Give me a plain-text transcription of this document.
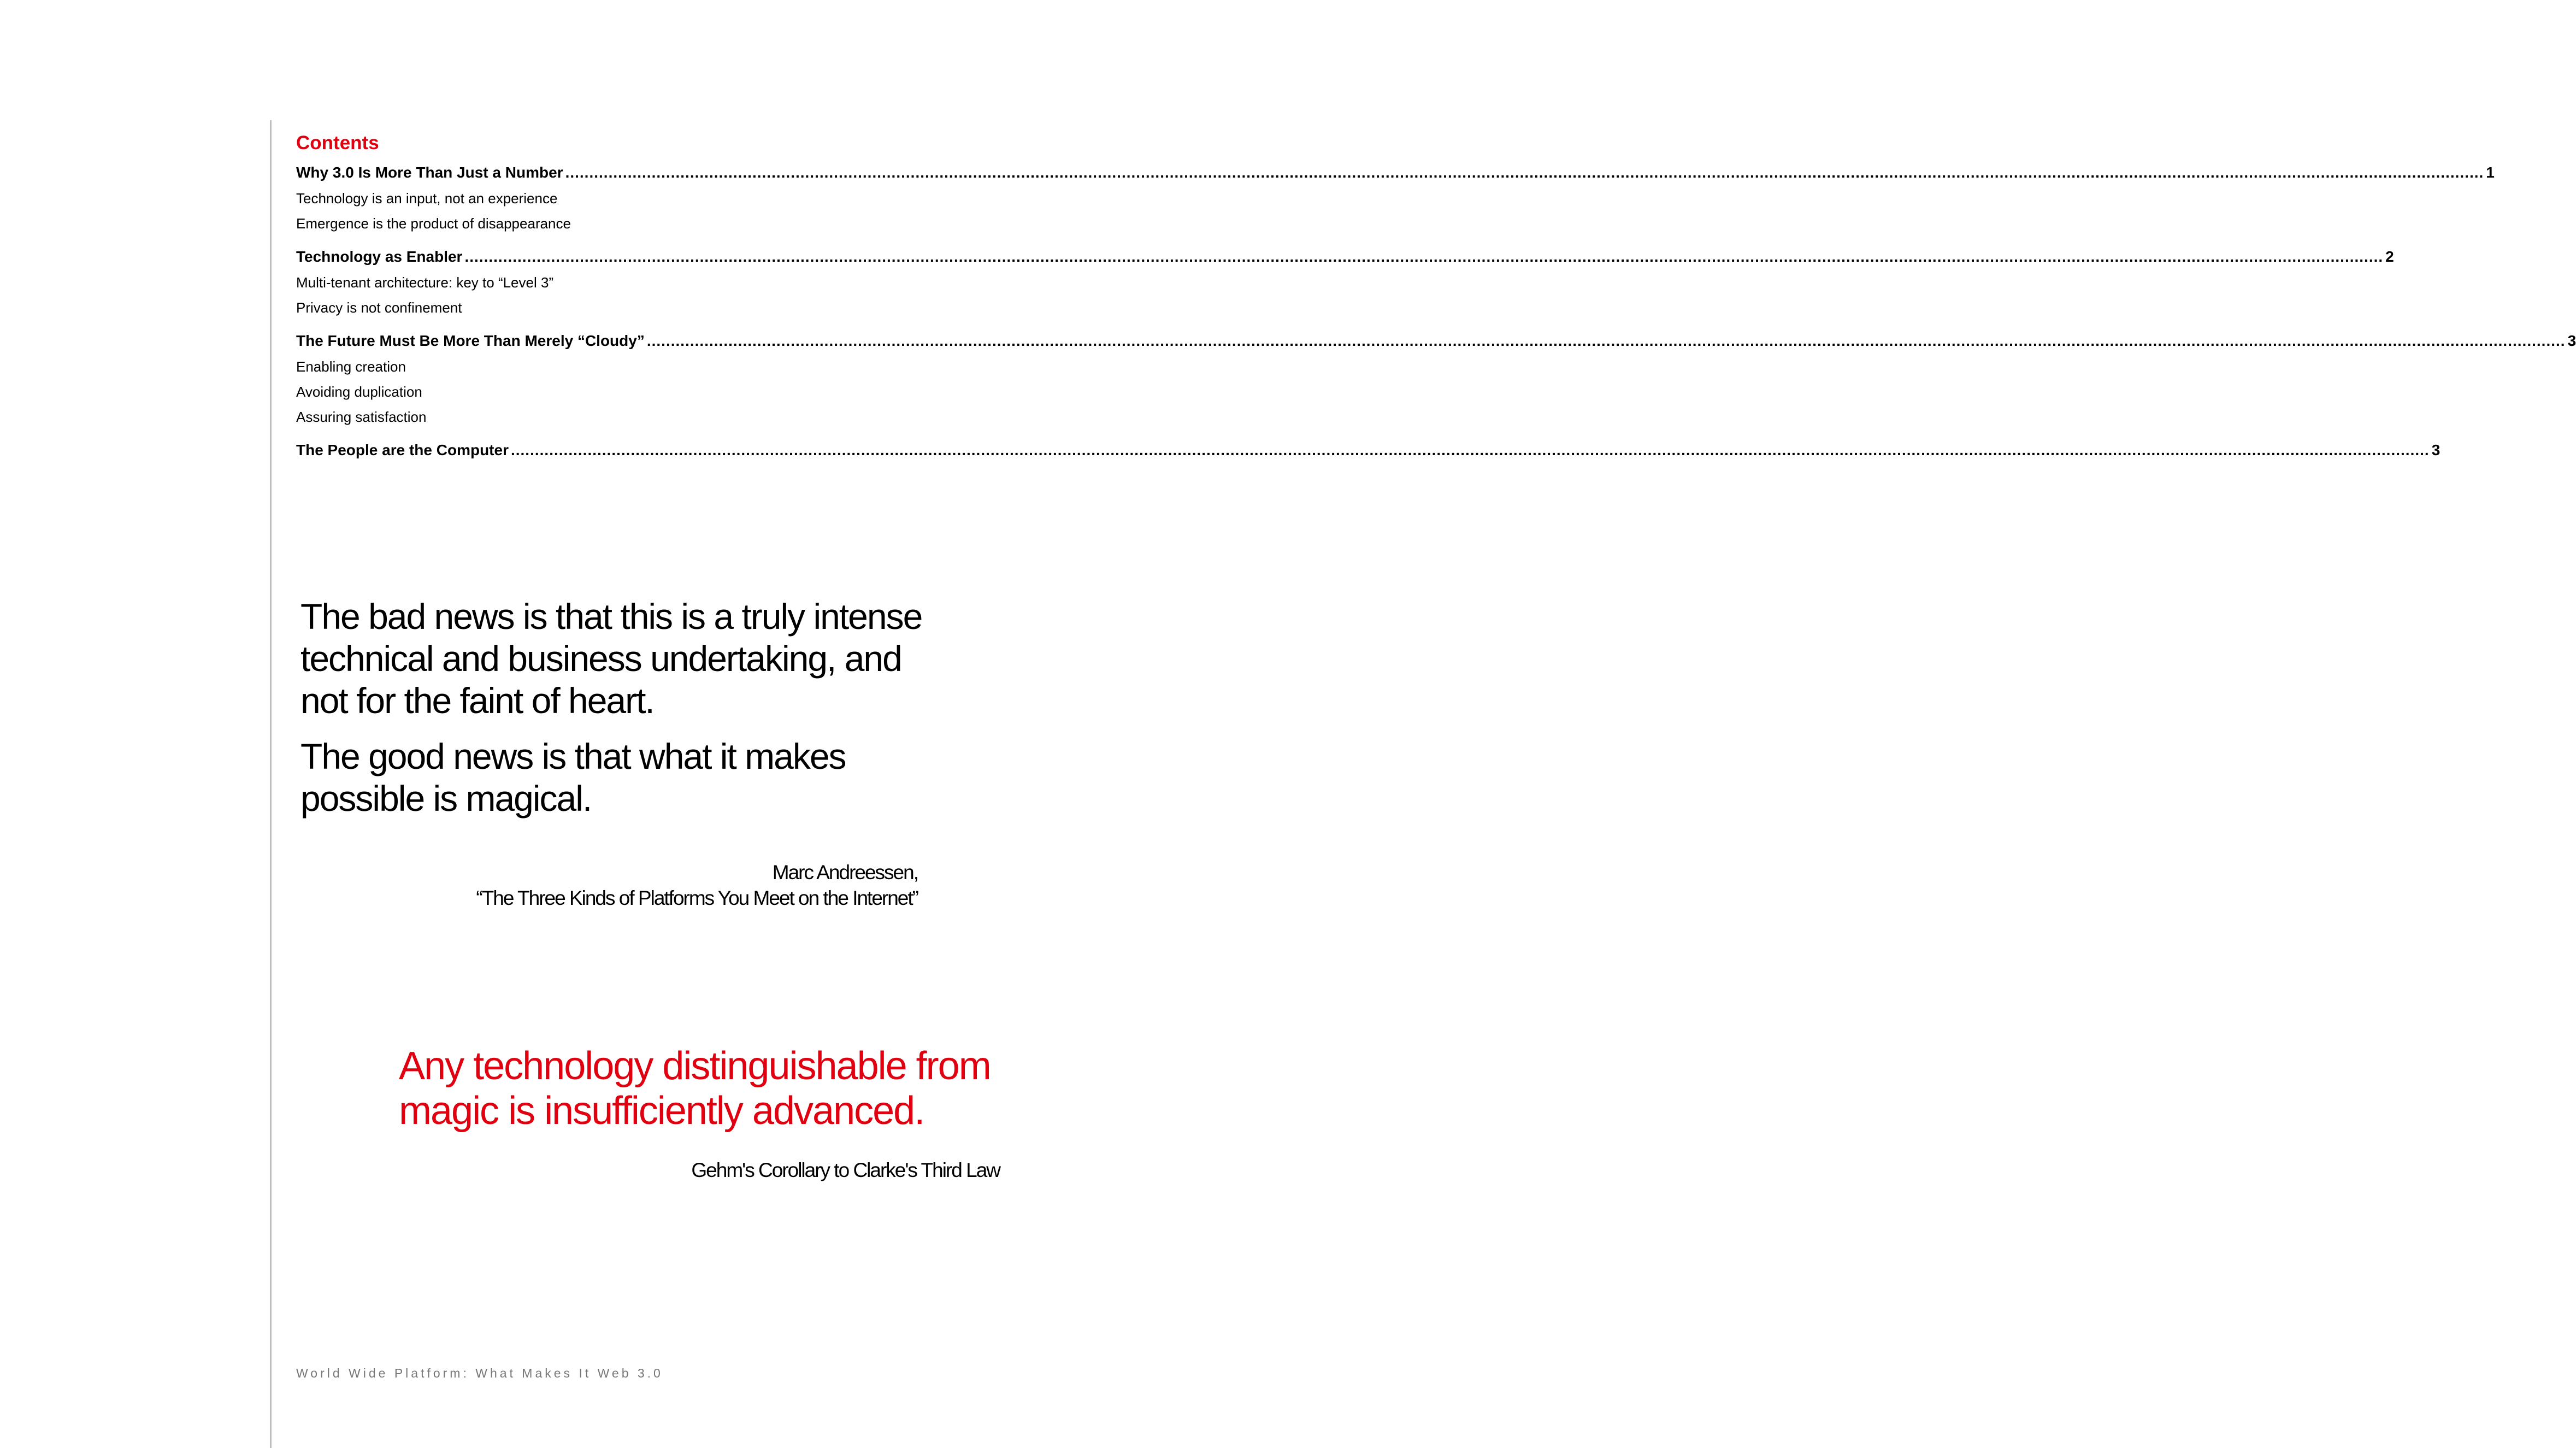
Contents
Why 3.0 Is More Than Just a Number ................................................................................................................................................................................................................................................................................................................................................................................................................ 1
Technology is an input, not an experience
Emergence is the product of disappearance
Technology as Enabler ................................................................................................................................................................................................................................................................................................................................................................................................................ 2
Multi-tenant architecture: key to “Level 3”
Privacy is not confinement
The Future Must Be More Than Merely “Cloudy” ................................................................................................................................................................................................................................................................................................................................................................................................................ 3
Enabling creation
Avoiding duplication
Assuring satisfaction
The People are the Computer ................................................................................................................................................................................................................................................................................................................................................................................................................ 3

The bad news is that this is a truly intense technical and business undertaking, and not for the faint of heart.

The good news is that what it makes possible is magical.

Marc Andreessen,
“The Three Kinds of Platforms You Meet on the Internet”
Any technology distinguishable from magic is insufficiently advanced.
Gehm's Corollary to Clarke's Third Law
World Wide Platform: What Makes It Web 3.0
